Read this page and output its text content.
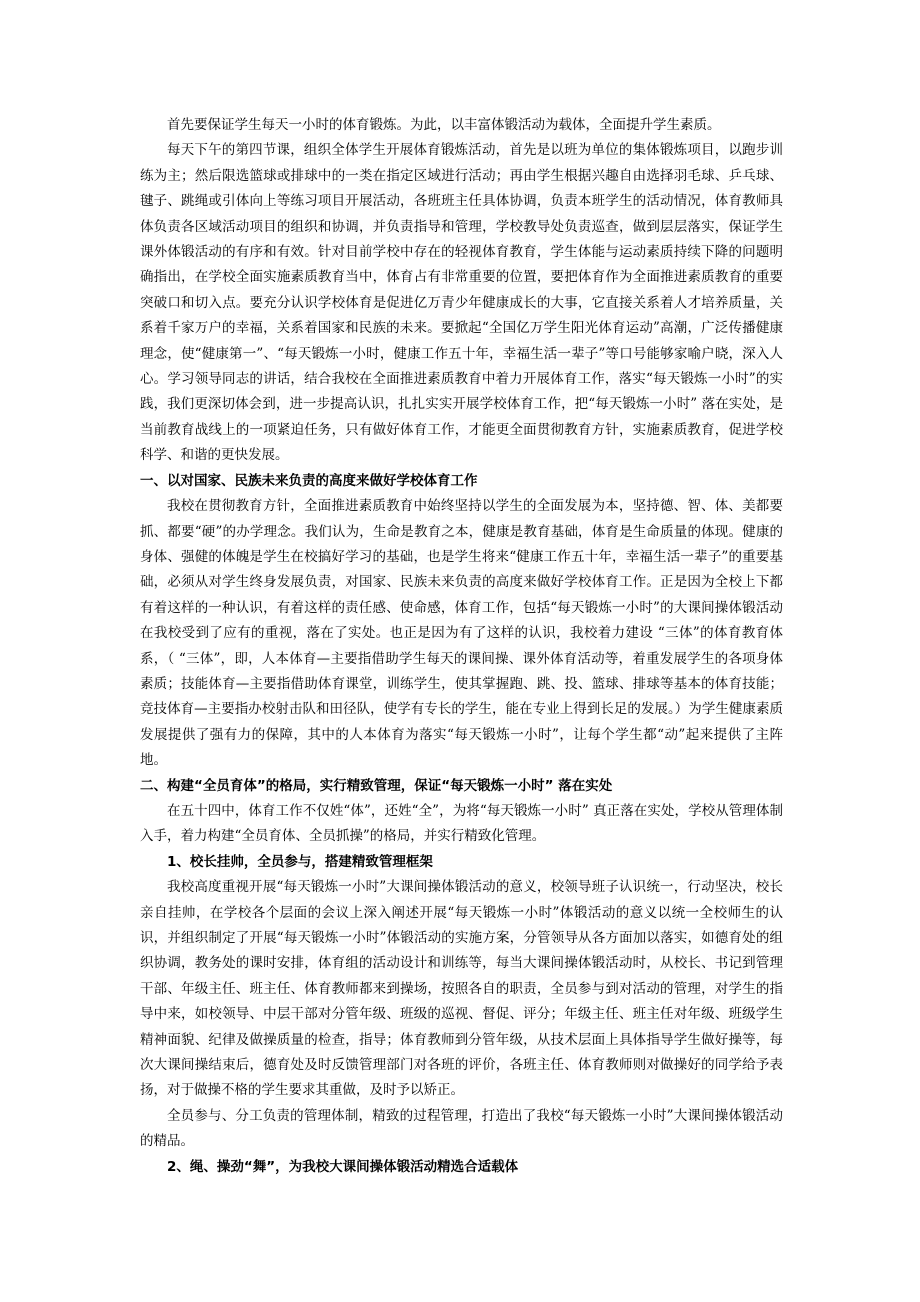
首先要保证学生每天一小时的体育锻炼。为此，以丰富体锻活动为载体，全面提升学生素质。

每天下午的第四节课，组织全体学生开展体育锻炼活动，首先是以班为单位的集体锻炼项目，以跑步训练为主；然后限选篮球或排球中的一类在指定区域进行活动；再由学生根据兴趣自由选择羽毛球、乒乓球、毽子、跳绳或引体向上等练习项目开展活动，各班班主任具体协调，负责本班学生的活动情况，体育教师具体负责各区域活动项目的组织和协调，并负责指导和管理，学校教导处负责巡查，做到层层落实，保证学生课外体锻活动的有序和有效。针对目前学校中存在的轻视体育教育，学生体能与运动素质持续下降的问题明确指出，在学校全面实施素质教育当中，体育占有非常重要的位置，要把体育作为全面推进素质教育的重要突破口和切入点。要充分认识学校体育是促进亿万青少年健康成长的大事，它直接关系着人才培养质量，关系着千家万户的幸福，关系着国家和民族的未来。要掀起“全国亿万学生阳光体育运动”高潮，广泛传播健康理念，使“健康第一”、“每天锻炼一小时，健康工作五十年，幸福生活一辈子”等口号能够家喻户晓，深入人心。学习领导同志的讲话，结合我校在全面推进素质教育中着力开展体育工作，落实“每天锻炼一小时”的实践，我们更深切体会到，进一步提高认识，扎扎实实开展学校体育工作，把“每天锻炼一小时” 落在实处，是当前教育战线上的一项紧迫任务，只有做好体育工作，才能更全面贯彻教育方针，实施素质教育，促进学校科学、和谐的更快发展。

一、以对国家、民族未来负责的高度来做好学校体育工作

我校在贯彻教育方针，全面推进素质教育中始终坚持以学生的全面发展为本，坚持德、智、体、美都要抓、都要“硬”的办学理念。我们认为，生命是教育之本，健康是教育基础，体育是生命质量的体现。健康的身体、强健的体魄是学生在校搞好学习的基础，也是学生将来“健康工作五十年，幸福生活一辈子”的重要基础，必须从对学生终身发展负责，对国家、民族未来负责的高度来做好学校体育工作。正是因为全校上下都有着这样的一种认识，有着这样的责任感、使命感，体育工作，包括“每天锻炼一小时”的大课间操体锻活动在我校受到了应有的重视，落在了实处。也正是因为有了这样的认识，我校着力建设 “三体”的体育教育体系，（ “三体”，即，人本体育—主要指借助学生每天的课间操、课外体育活动等，着重发展学生的各项身体素质；技能体育—主要指借助体育课堂，训练学生，使其掌握跑、跳、投、篮球、排球等基本的体育技能；竞技体育—主要指办校射击队和田径队，使学有专长的学生，能在专业上得到长足的发展。）为学生健康素质发展提供了强有力的保障，其中的人本体育为落实“每天锻炼一小时”，让每个学生都“动”起来提供了主阵地。

二、构建“全员育体”的格局，实行精致管理，保证“每天锻炼一小时” 落在实处

在五十四中，体育工作不仅姓“体”，还姓“全”，为将“每天锻炼一小时” 真正落在实处，学校从管理体制入手，着力构建“全员育体、全员抓操”的格局，并实行精致化管理。

1、校长挂帅，全员参与，搭建精致管理框架

我校高度重视开展“每天锻炼一小时”大课间操体锻活动的意义，校领导班子认识统一，行动坚决，校长亲自挂帅，在学校各个层面的会议上深入阐述开展“每天锻炼一小时”体锻活动的意义以统一全校师生的认识，并组织制定了开展“每天锻炼一小时”体锻活动的实施方案，分管领导从各方面加以落实，如德育处的组织协调，教务处的课时安排，体育组的活动设计和训练等，每当大课间操体锻活动时，从校长、书记到管理干部、年级主任、班主任、体育教师都来到操场，按照各自的职责，全员参与到对活动的管理，对学生的指导中来，如校领导、中层干部对分管年级、班级的巡视、督促、评分；年级主任、班主任对年级、班级学生精神面貌、纪律及做操质量的检查，指导；体育教师到分管年级，从技术层面上具体指导学生做好操等，每次大课间操结束后，德育处及时反馈管理部门对各班的评价，各班主任、体育教师则对做操好的同学给予表扬，对于做操不格的学生要求其重做，及时予以矫正。

全员参与、分工负责的管理体制，精致的过程管理，打造出了我校“每天锻炼一小时”大课间操体锻活动的精品。

2、绳、操劲“舞”，为我校大课间操体锻活动精选合适载体
